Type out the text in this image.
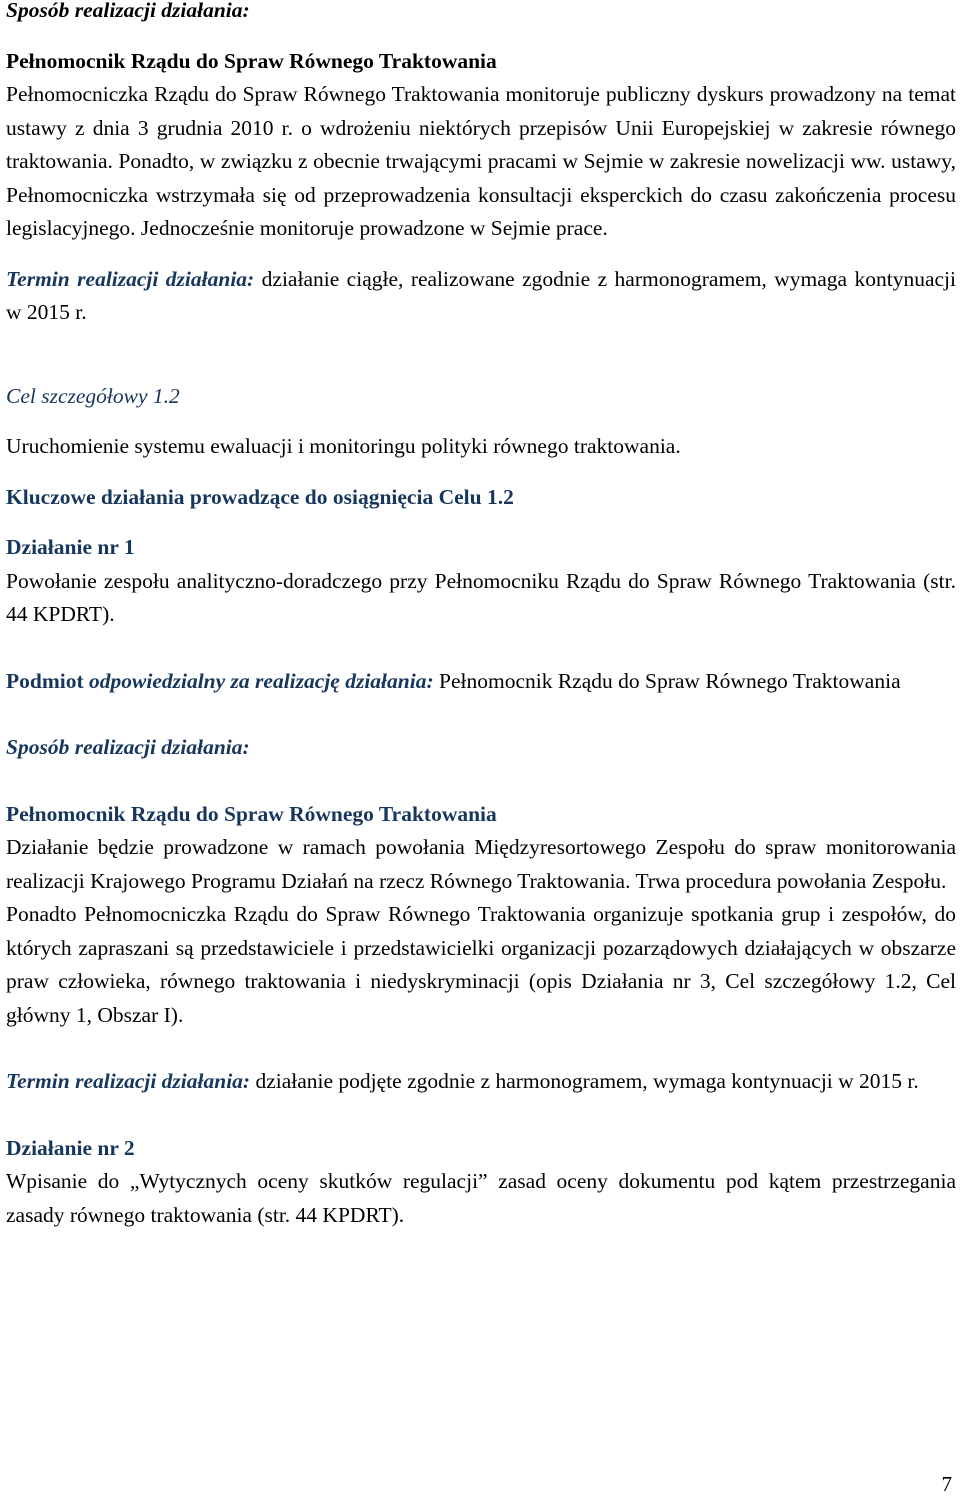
Sposób realizacji działania:

Pełnomocnik Rządu do Spraw Równego Traktowania

Pełnomocniczka Rządu do Spraw Równego Traktowania monitoruje publiczny dyskurs prowadzony na temat ustawy z dnia 3 grudnia 2010 r. o wdrożeniu niektórych przepisów Unii Europejskiej w zakresie równego traktowania. Ponadto, w związku z obecnie trwającymi pracami w Sejmie w zakresie nowelizacji ww. ustawy, Pełnomocniczka wstrzymała się od przeprowadzenia konsultacji eksperckich do czasu zakończenia procesu legislacyjnego. Jednocześnie monitoruje prowadzone w Sejmie prace.

Termin realizacji działania: działanie ciągłe, realizowane zgodnie z harmonogramem, wymaga kontynuacji w 2015 r.

Cel szczegółowy 1.2

Uruchomienie systemu ewaluacji i monitoringu polityki równego traktowania.

Kluczowe działania prowadzące do osiągnięcia Celu 1.2

Działanie nr 1

Powołanie zespołu analityczno-doradczego przy Pełnomocniku Rządu do Spraw Równego Traktowania (str. 44 KPDRT).

Podmiot odpowiedzialny za realizację działania: Pełnomocnik Rządu do Spraw Równego Traktowania

Sposób realizacji działania:

Pełnomocnik Rządu do Spraw Równego Traktowania

Działanie będzie prowadzone w ramach powołania Międzyresortowego Zespołu do spraw monitorowania realizacji Krajowego Programu Działań na rzecz Równego Traktowania. Trwa procedura powołania Zespołu.

Ponadto Pełnomocniczka Rządu do Spraw Równego Traktowania organizuje spotkania grup i zespołów, do których zapraszani są przedstawiciele i przedstawicielki organizacji pozarządowych działających w obszarze praw człowieka, równego traktowania i niedyskryminacji (opis Działania nr 3, Cel szczegółowy 1.2, Cel główny 1, Obszar I).

Termin realizacji działania: działanie podjęte zgodnie z harmonogramem, wymaga kontynuacji w 2015 r.

Działanie nr 2

Wpisanie do „Wytycznych oceny skutków regulacji” zasad oceny dokumentu pod kątem przestrzegania zasady równego traktowania (str. 44 KPDRT).

7
